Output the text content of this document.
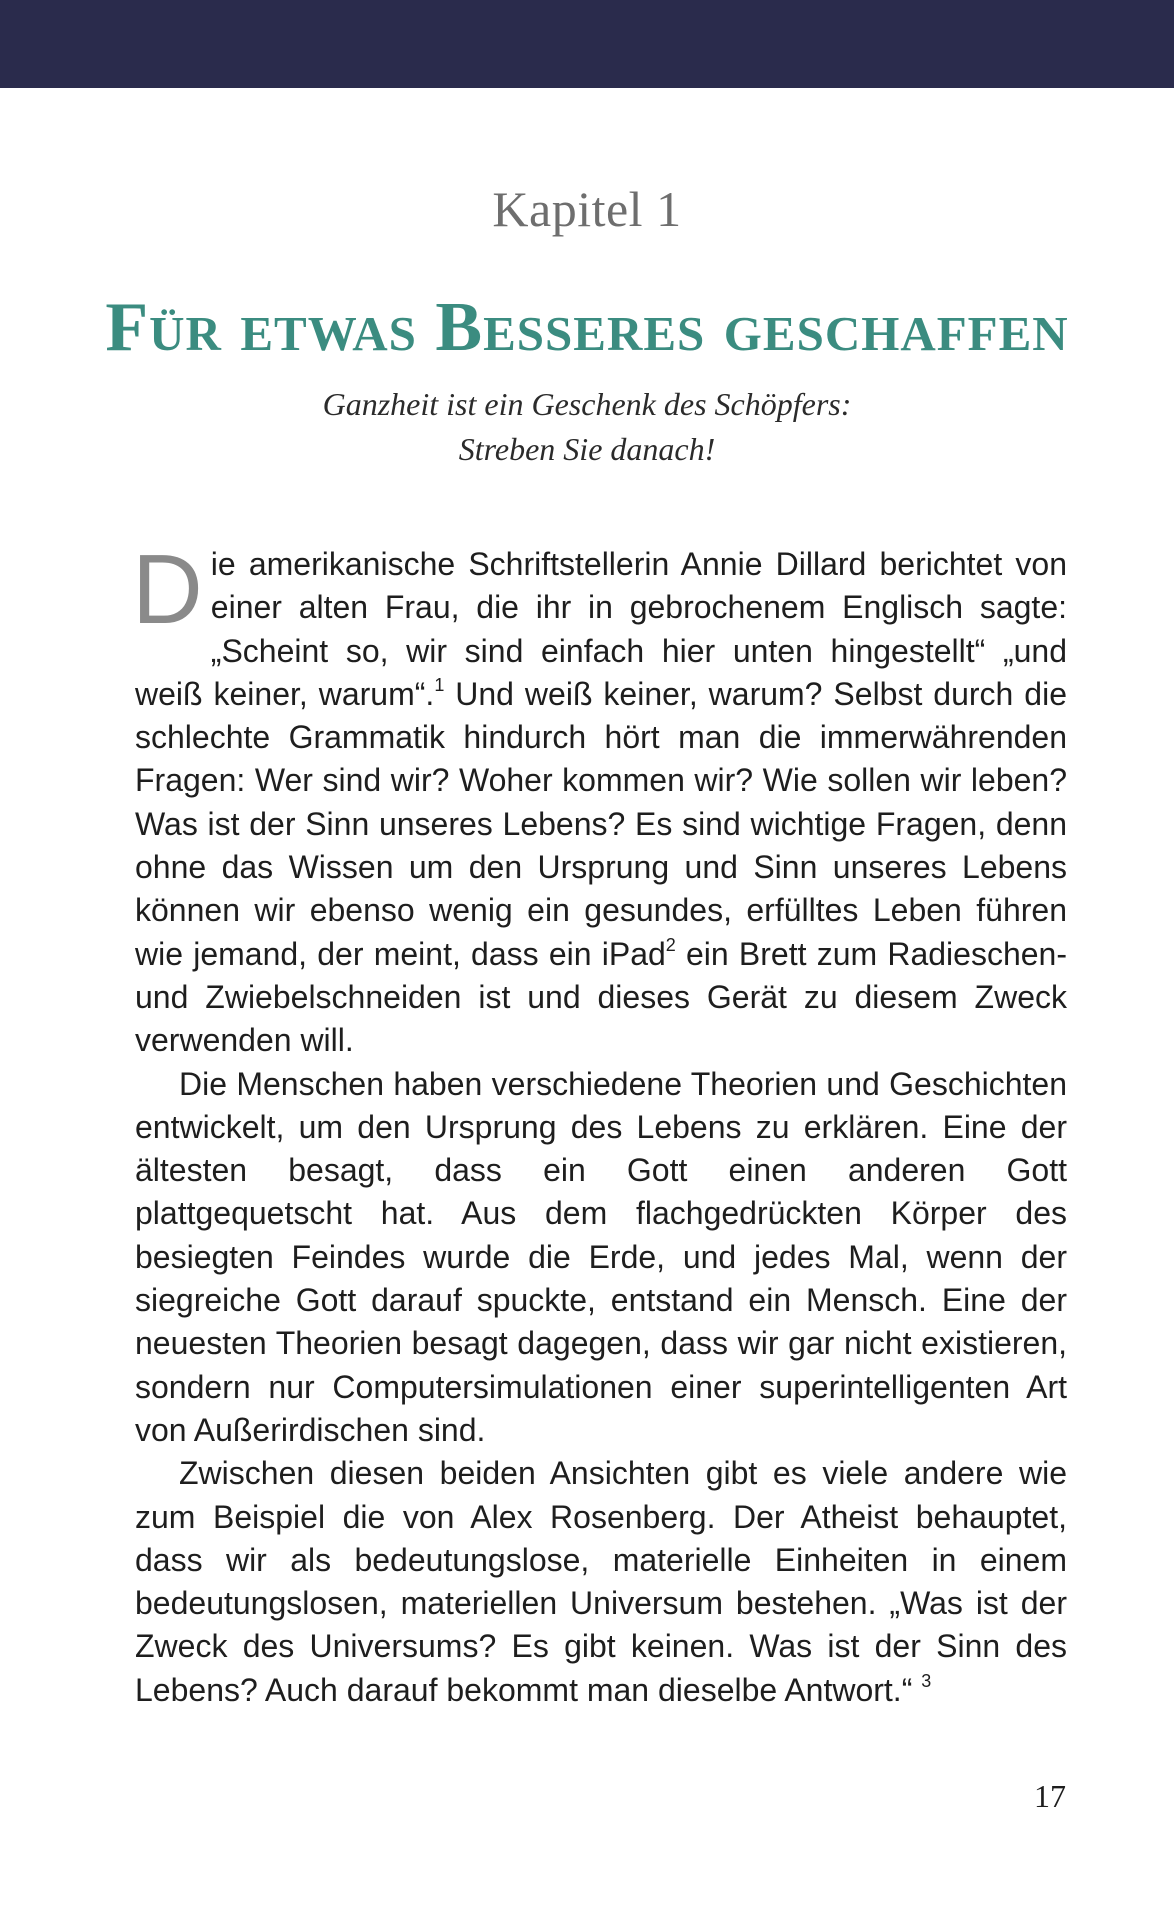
Kapitel 1
Für etwas Besseres geschaffen
Ganzheit ist ein Geschenk des Schöpfers:
Streben Sie danach!

Die amerikanische Schriftstellerin Annie Dillard berichtet von einer alten Frau, die ihr in gebrochenem Englisch sagte: „Scheint so, wir sind einfach hier unten hingestellt“ „und weiß keiner, warum“.$^1$ Und weiß keiner, warum? Selbst durch die schlechte Grammatik hindurch hört man die immerwährenden Fragen: Wer sind wir? Woher kommen wir? Wie sollen wir leben? Was ist der Sinn unseres Lebens? Es sind wichtige Fragen, denn ohne das Wissen um den Ursprung und Sinn unseres Lebens können wir ebenso wenig ein gesundes, erfülltes Leben führen wie jemand, der meint, dass ein iPad$^2$ ein Brett zum Radieschen- und Zwiebelschneiden ist und dieses Gerät zu diesem Zweck verwenden will.

Die Menschen haben verschiedene Theorien und Geschichten entwickelt, um den Ursprung des Lebens zu erklären. Eine der ältesten besagt, dass ein Gott einen anderen Gott plattgequetscht hat. Aus dem flachgedrückten Körper des besiegten Feindes wurde die Erde, und jedes Mal, wenn der siegreiche Gott darauf spuckte, entstand ein Mensch. Eine der neuesten Theorien besagt dagegen, dass wir gar nicht existieren, sondern nur Computersimulationen einer superintelligenten Art von Außerirdischen sind.

Zwischen diesen beiden Ansichten gibt es viele andere wie zum Beispiel die von Alex Rosenberg. Der Atheist behauptet, dass wir als bedeutungslose, materielle Einheiten in einem bedeutungslosen, materiellen Universum bestehen. „Was ist der Zweck des Universums? Es gibt keinen. Was ist der Sinn des Lebens? Auch darauf bekommt man dieselbe Antwort.“ $^3$

17
